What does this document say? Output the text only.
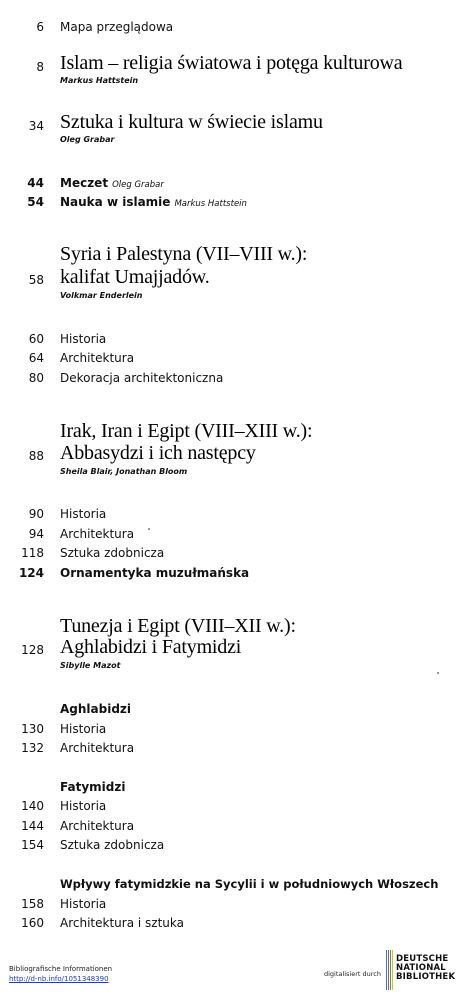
6 Mapa przeglądowa
8 Islam – religia światowa i potęga kulturowa
Markus Hattstein
34 Sztuka i kultura w świecie islamu
Oleg Grabar
44 Meczet Oleg Grabar
54 Nauka w islamie Markus Hattstein
Syria i Palestyna (VII–VIII w.):
58 kalifat Umajjadów.
Volkmar Enderlein
60 Historia
64 Architektura
80 Dekoracja architektoniczna
Irak, Iran i Egipt (VIII–XIII w.):
88 Abbasydzi i ich następcy
Sheila Blair, Jonathan Bloom
90 Historia
94 Architektura
118 Sztuka zdobnicza
124 Ornamentyka muzułmańska
Tunezja i Egipt (VIII–XII w.):
128 Aghlabidzi i Fatymidzi
Sibylle Mazot
Aghlabidzi
130 Historia
132 Architektura
Fatymidzi
140 Historia
144 Architektura
154 Sztuka zdobnicza
Wpływy fatymidzkie na Sycylii i w południowych Włoszech
158 Historia
160 Architektura i sztuka
Bibliografische Informationen
http://d-nb.info/1051348390
digitalisiert durch
DEUTSCHE
NATIONAL
BIBLIOTHEK
